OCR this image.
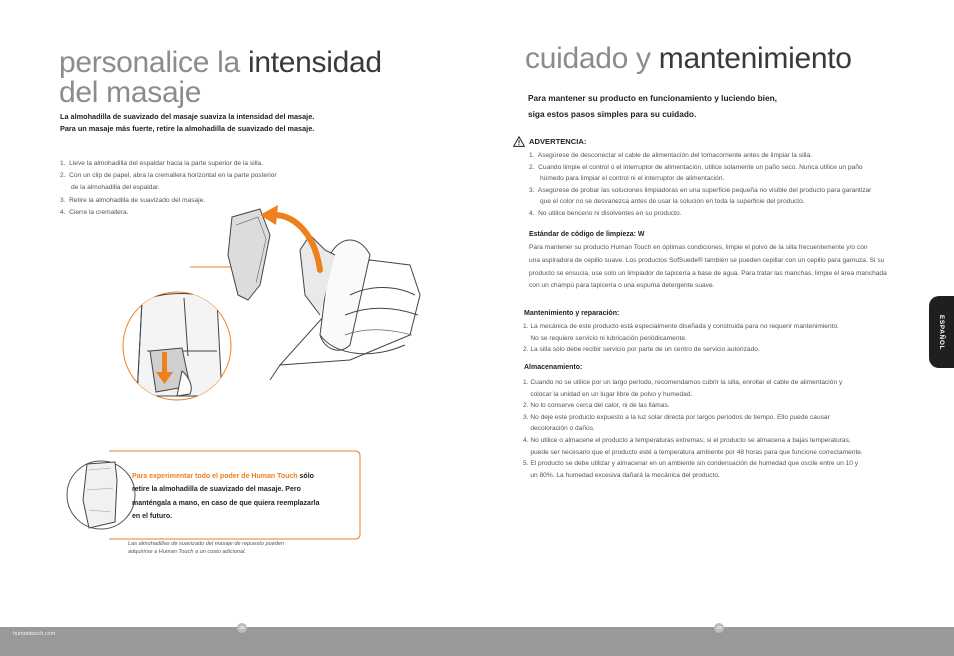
personalice la intensidad
del masaje
La almohadilla de suavizado del masaje suaviza la intensidad del masaje.
Para un masaje más fuerte, retire la almohadilla de suavizado del masaje.
1.  Lleve la almohadilla del espaldar hacia la parte superior de la silla.
2.  Con un clip de papel, abra la cremallera horizontal en la parte posterior
de la almohadilla del espaldar.
3.  Retire la almohadilla de suavizado del masaje.
4.  Cierre la cremallera.
Para experimentar todo el poder de Human Touch sólo
retire la almohadilla de suavizado del masaje. Pero
manténgala a mano, en caso de que quiera reemplazarla
en el futuro.
Las almohadillas de suavizado del masaje de repuesto pueden
adquirirse a Human Touch a un costo adicional.
cuidado y mantenimiento
Para mantener su producto en funcionamiento y luciendo bien,
siga estos pasos simples para su cuidado.
ADVERTENCIA:
1.  Asegúrese de desconectar el cable de alimentación del tomacorriente antes de limpiar la silla.
2.  Cuando limpie el control o el interruptor de alimentación, utilice solamente un paño seco. Nunca utilice un paño
húmedo para limpiar el control ni el interruptor de alimentación.
3.  Asegúrese de probar las soluciones limpiadoras en una superficie pequeña no visible del producto para garantizar
que el color no se desvanezca antes de usar la solución en toda la superficie del producto.
4.  No utilice benceno ni disolventes en su producto.
Estándar de código de limpieza: W
Para mantener su producto Human Touch en óptimas condiciones, limpie el polvo de la silla frecuentemente y/o con
una aspiradora de cepillo suave. Los productos SofSuede® también se pueden cepillar con un cepillo para gamuza. Si su
producto se ensucia, use solo un limpiador de tapicería a base de agua. Para tratar las manchas, limpie el área manchada
con un champú para tapicería o una espuma detergente suave.
Mantenimiento y reparación:
1. La mecánica de este producto está especialmente diseñada y construida para no requerir mantenimiento.
No se requiere servicio ni lubricación periódicamente.
2. La silla sólo debe recibir servicio por parte de un centro de servicio autorizado.
Almacenamiento:
1. Cuando no se utilice por un largo período, recomendamos cubrir la silla, enrollar el cable de alimentación y
colocar la unidad en un lugar libre de polvo y humedad.
2. No lo conserve cerca del calor, ni de las llamas.
3. No deje este producto expuesto a la luz solar directa por largos períodos de tiempo. Ello puede causar
decoloración o daños.
4. No utilice o almacene el producto a temperaturas extremas; si el producto se almacena a bajas temperaturas,
puede ser necesario que el producto esté a temperatura ambiente por 48 horas para que funcione correctamente.
5. El producto se debe utilizar y almacenar en un ambiente sin condensación de humedad que oscile entre un 10 y
un 80%. La humedad excesiva dañará la mecánica del producto.
ESPAÑOL
humantouch.com
28	29
